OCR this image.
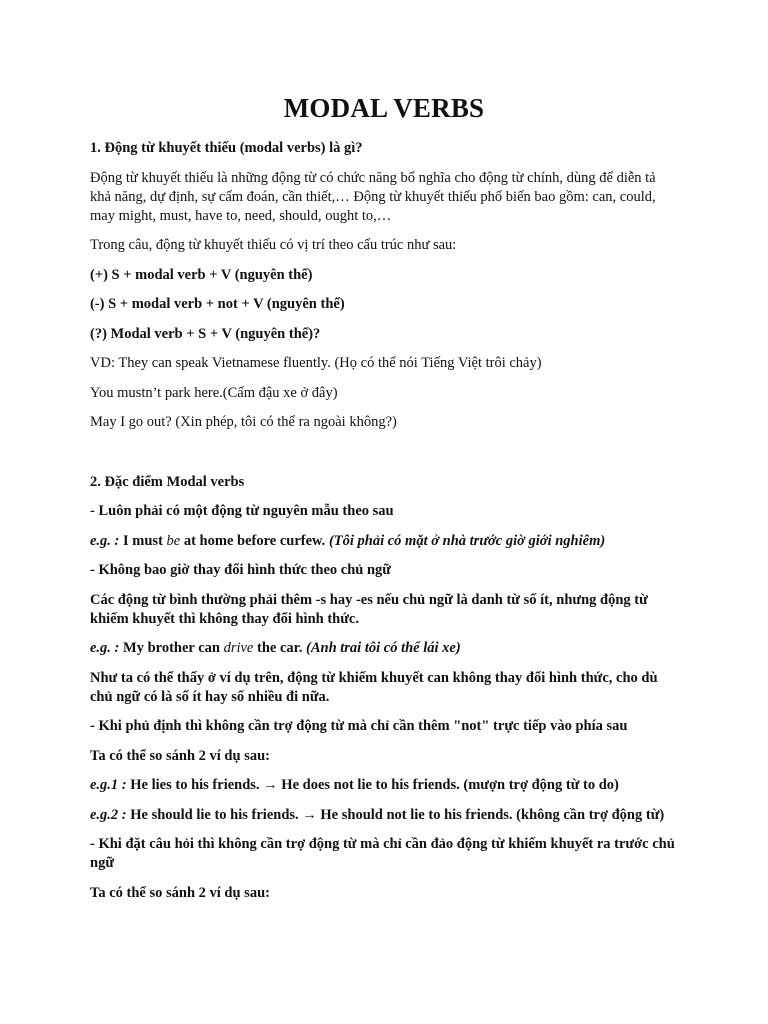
MODAL VERBS

1. Động từ khuyết thiếu (modal verbs) là gì?

Động từ khuyết thiếu là những động từ có chức năng bổ nghĩa cho động từ chính, dùng để diễn tả khả năng, dự định, sự cấm đoán, cần thiết,… Động từ khuyết thiếu phổ biến bao gồm: can, could, may might, must, have to, need, should, ought to,…

Trong câu, động từ khuyết thiếu có vị trí theo cấu trúc như sau:

(+) S + modal verb + V (nguyên thể)

(-) S + modal verb + not + V (nguyên thể)

(?) Modal verb + S + V (nguyên thể)?

VD: They can speak Vietnamese fluently. (Họ có thể nói Tiếng Việt trôi chảy)

You mustn’t park here.(Cấm đậu xe ở đây)

May I go out? (Xin phép, tôi có thể ra ngoài không?)

2. Đặc điểm Modal verbs

- Luôn phải có một động từ nguyên mẫu theo sau

e.g. : I must be at home before curfew. (Tôi phải có mặt ở nhà trước giờ giới nghiêm)

- Không bao giờ thay đổi hình thức theo chủ ngữ

Các động từ bình thường phải thêm -s hay -es nếu chủ ngữ là danh từ số ít, nhưng động từ khiếm khuyết thì không thay đổi hình thức.

e.g. : My brother can drive the car. (Anh trai tôi có thể lái xe)

Như ta có thể thấy ở ví dụ trên, động từ khiếm khuyết can không thay đổi hình thức, cho dù chủ ngữ có là số ít hay số nhiều đi nữa.

- Khi phủ định thì không cần trợ động từ mà chỉ cần thêm "not" trực tiếp vào phía sau

Ta có thể so sánh 2 ví dụ sau:

e.g.1 : He lies to his friends. → He does not lie to his friends. (mượn trợ động từ to do)

e.g.2 : He should lie to his friends. → He should not lie to his friends. (không cần trợ động từ)

- Khi đặt câu hỏi thì không cần trợ động từ mà chỉ cần đảo động từ khiếm khuyết ra trước chủ ngữ

Ta có thể so sánh 2 ví dụ sau:
